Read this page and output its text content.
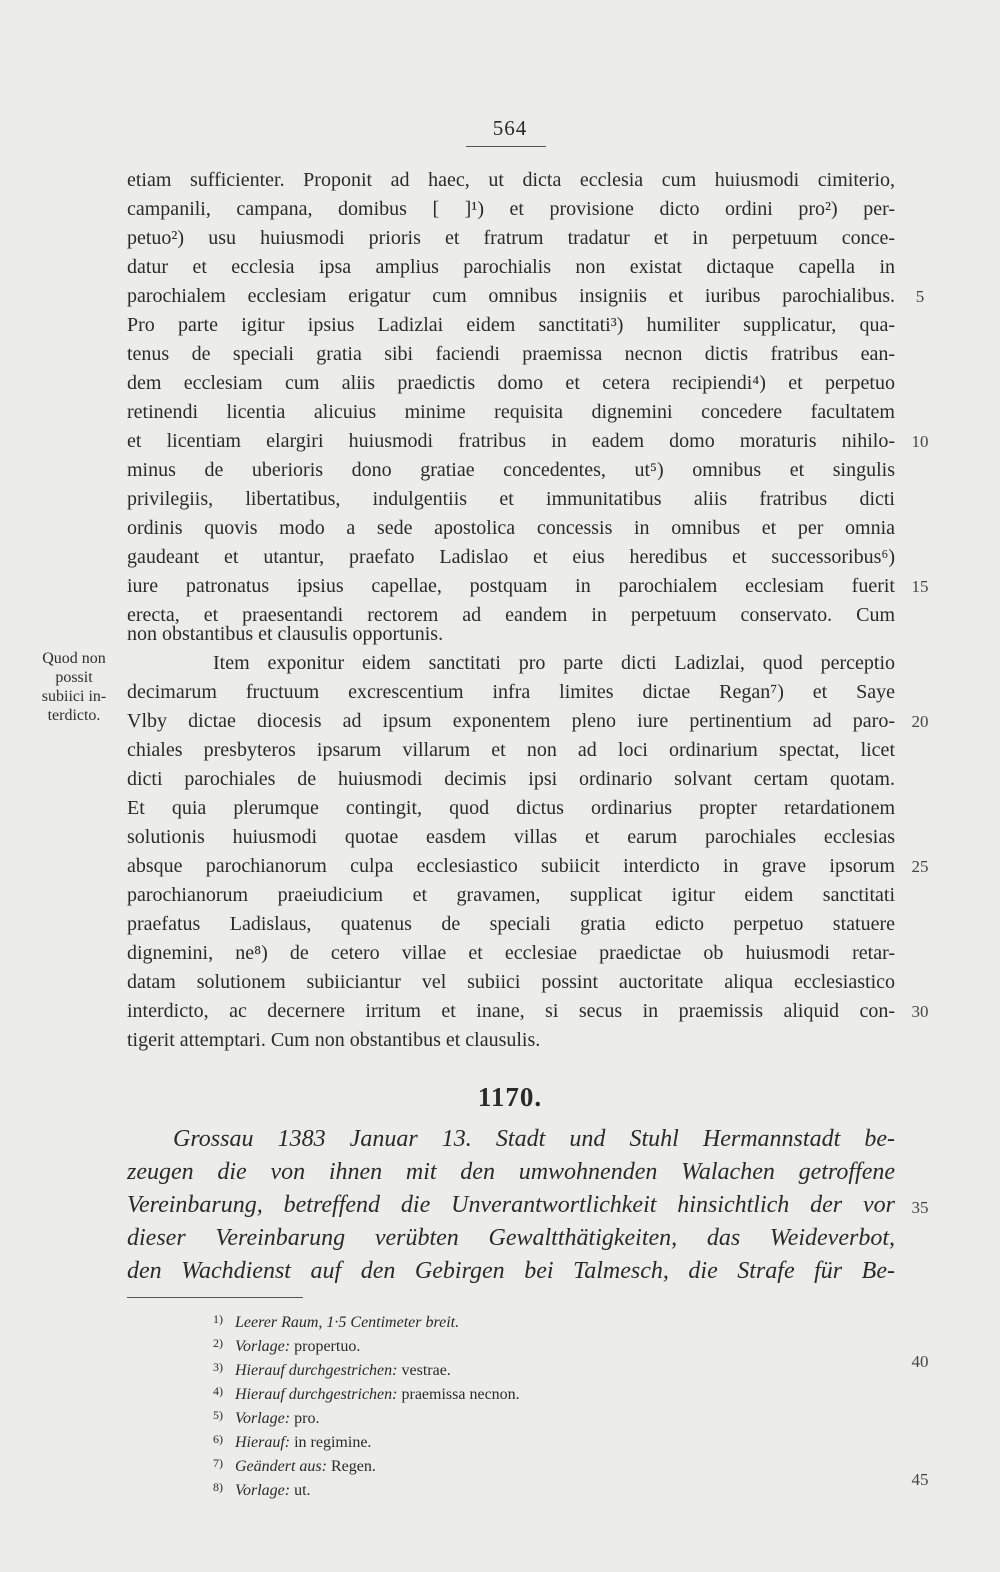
564
Quod non
possit
subiici in-
terdicto.
etiam sufficienter. Proponit ad haec, ut dicta ecclesia cum huiusmodi cimiterio,
campanili, campana, domibus [ ]¹) et provisione dicto ordini pro²) per-
petuo²) usu huiusmodi prioris et fratrum tradatur et in perpetuum conce-
datur et ecclesia ipsa amplius parochialis non existat dictaque capella in
parochialem ecclesiam erigatur cum omnibus insigniis et iuribus parochialibus.
Pro parte igitur ipsius Ladizlai eidem sanctitati³) humiliter supplicatur, qua-
tenus de speciali gratia sibi faciendi praemissa necnon dictis fratribus ean-
dem ecclesiam cum aliis praedictis domo et cetera recipiendi⁴) et perpetuo
retinendi licentia alicuius minime requisita dignemini concedere facultatem
et licentiam elargiri huiusmodi fratribus in eadem domo moraturis nihilo-
minus de uberioris dono gratiae concedentes, ut⁵) omnibus et singulis
privilegiis, libertatibus, indulgentiis et immunitatibus aliis fratribus dicti
ordinis quovis modo a sede apostolica concessis in omnibus et per omnia
gaudeant et utantur, praefato Ladislao et eius heredibus et successoribus⁶)
iure patronatus ipsius capellae, postquam in parochialem ecclesiam fuerit
erecta, et praesentandi rectorem ad eandem in perpetuum conservato. Cum
non obstantibus et clausulis opportunis.
Item exponitur eidem sanctitati pro parte dicti Ladizlai, quod perceptio
decimarum fructuum excrescentium infra limites dictae Regan⁷) et Saye
Vlby dictae diocesis ad ipsum exponentem pleno iure pertinentium ad paro-
chiales presbyteros ipsarum villarum et non ad loci ordinarium spectat, licet
dicti parochiales de huiusmodi decimis ipsi ordinario solvant certam quotam.
Et quia plerumque contingit, quod dictus ordinarius propter retardationem
solutionis huiusmodi quotae easdem villas et earum parochiales ecclesias
absque parochianorum culpa ecclesiastico subiicit interdicto in grave ipsorum
parochianorum praeiudicium et gravamen, supplicat igitur eidem sanctitati
praefatus Ladislaus, quatenus de speciali gratia edicto perpetuo statuere
dignemini, ne⁸) de cetero villae et ecclesiae praedictae ob huiusmodi retar-
datam solutionem subiiciantur vel subiici possint auctoritate aliqua ecclesiastico
interdicto, ac decernere irritum et inane, si secus in praemissis aliquid con-
tigerit attemptari. Cum non obstantibus et clausulis.
5
10
15
20
25
30
35
40
45
1170.
Grossau 1383 Januar 13. Stadt und Stuhl Hermannstadt be-
zeugen die von ihnen mit den umwohnenden Walachen getroffene
Vereinbarung, betreffend die Unverantwortlichkeit hinsichtlich der vor
dieser Vereinbarung verübten Gewaltthätigkeiten, das Weideverbot,
den Wachdienst auf den Gebirgen bei Talmesch, die Strafe für Be-
1) Leerer Raum, 1·5 Centimeter breit.
2) Vorlage: propertuo.
3) Hierauf durchgestrichen: vestrae.
4) Hierauf durchgestrichen: praemissa necnon.
5) Vorlage: pro.
6) Hierauf: in regimine.
7) Geändert aus: Regen.
8) Vorlage: ut.
